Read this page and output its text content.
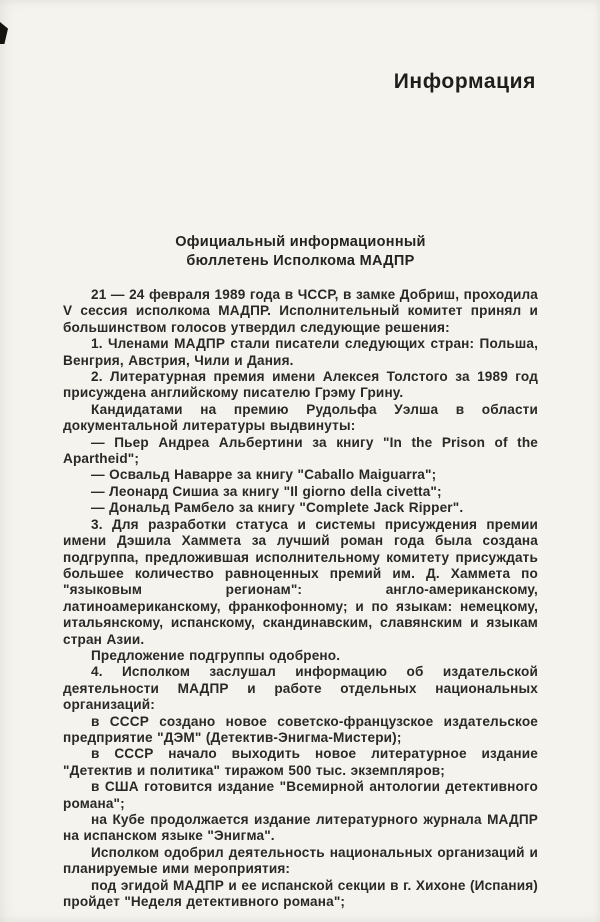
Информация
Официальный информационный
бюллетень Исполкома МАДПР

21 — 24 февраля 1989 года в ЧССР, в замке Добриш, проходила V сессия исполкома МАДПР. Исполнительный комитет принял и большинством голосов утвердил следующие решения:

1. Членами МАДПР стали писатели следующих стран: Польша, Венгрия, Австрия, Чили и Дания.

2. Литературная премия имени Алексея Толстого за 1989 год присуждена английскому писателю Грэму Грину.

Кандидатами на премию Рудольфа Уэлша в области документальной литературы выдвинуты:

— Пьер Андреа Альбертини за книгу "In the Prison of the Apartheid";

— Освальд Наварре за книгу "Caballo Maiguarra";

— Леонард Сишиа за книгу "Il giorno della civetta";

— Дональд Рамбело за книгу "Complete Jack Ripper".

3. Для разработки статуса и системы присуждения премии имени Дэшила Хаммета за лучший роман года была создана подгруппа, предложившая исполнительному комитету присуждать большее количество равноценных премий им. Д. Хаммета по "языковым регионам": англо-американскому, латиноамериканскому, франкофонному; и по языкам: немецкому, итальянскому, испанскому, скандинавским, славянским и языкам стран Азии.

Предложение подгруппы одобрено.

4. Исполком заслушал информацию об издательской деятельности МАДПР и работе отдельных национальных организаций:

в СССР создано новое советско-французское издательское предприятие "ДЭМ" (Детектив-Энигма-Мистери);

в СССР начало выходить новое литературное издание "Детектив и политика" тиражом 500 тыс. экземпляров;

в США готовится издание "Всемирной антологии детективного романа";

на Кубе продолжается издание литературного журнала МАДПР на испанском языке "Энигма".

Исполком одобрил деятельность национальных организаций и планируемые ими мероприятия:

под эгидой МАДПР и ее испанской секции в г. Хихоне (Испания) пройдет "Неделя детективного романа";
